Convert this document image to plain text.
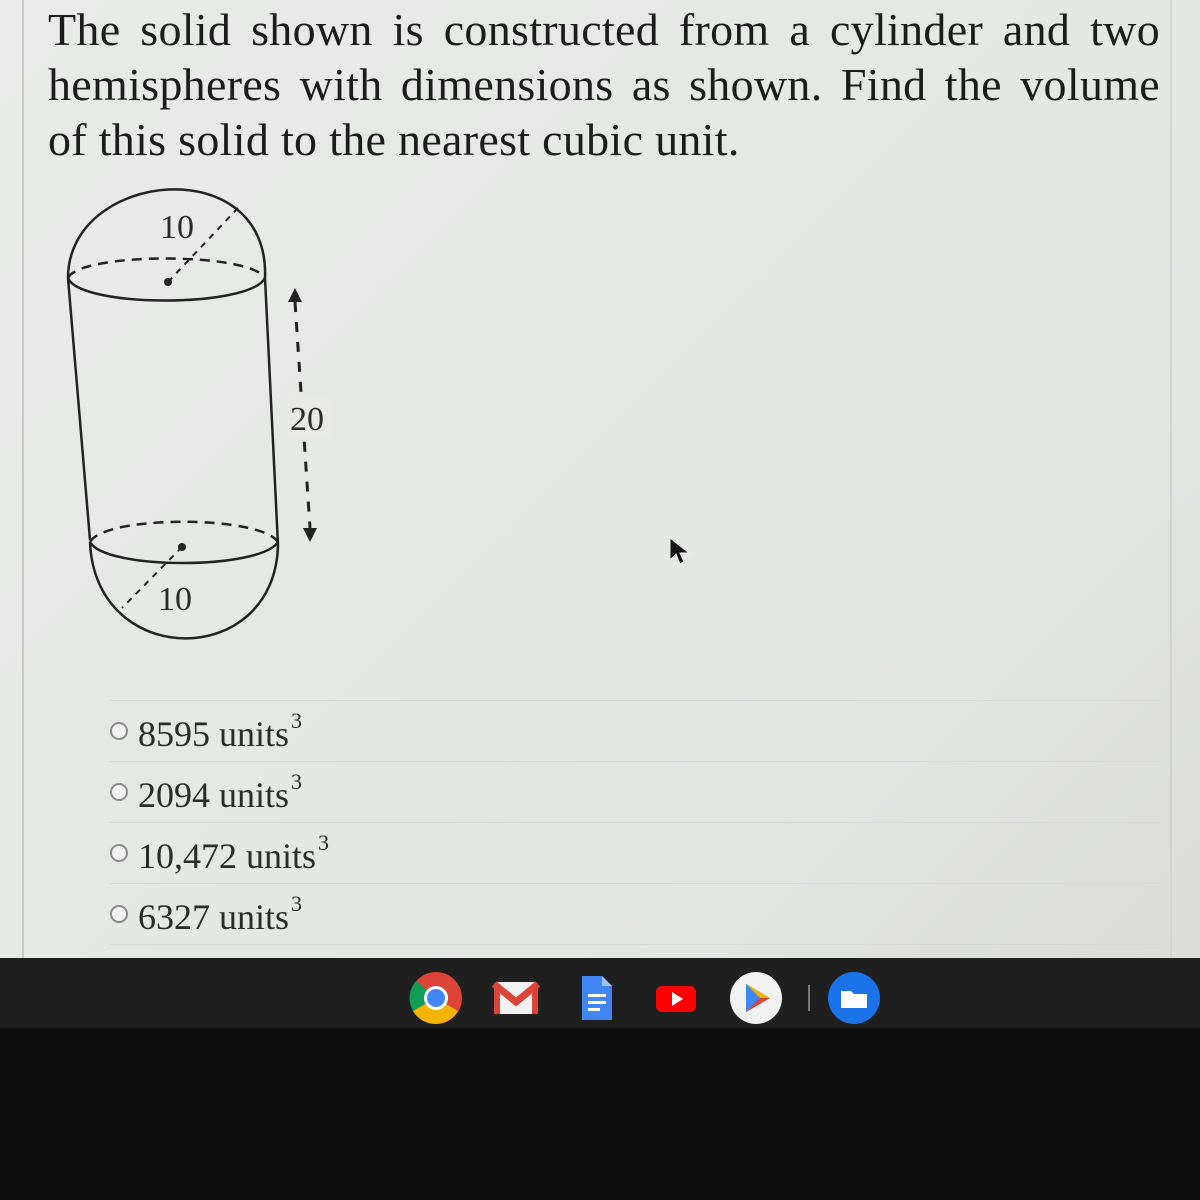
The solid shown is constructed from a cylinder and two hemispheres with dimensions as shown. Find the volume of this solid to the nearest cubic unit.
10
10
20
8595 units$^3$
2094 units$^3$
10,472 units$^3$
6327 units$^3$
